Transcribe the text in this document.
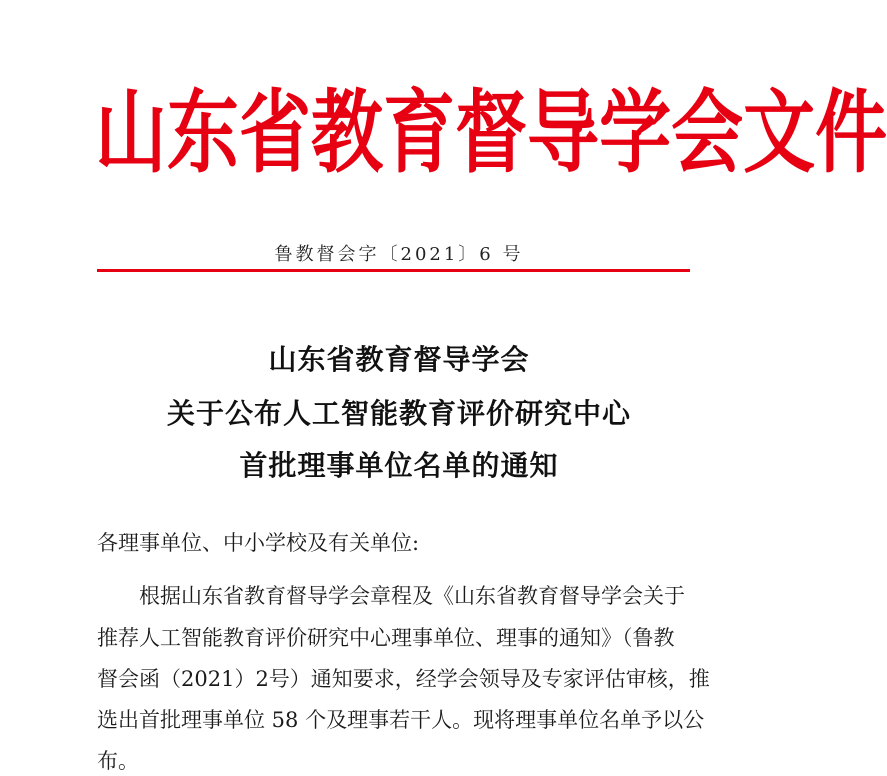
山 东 省 教 育 督 导 学 会 文 件
鲁教督会字〔2021〕6 号
山东省教育督导学会
关于公布人工智能教育评价研究中心
首批理事单位名单的通知

各理事单位、中小学校及有关单位:

根据山东省教育督导学会章程及《山东省教育督导学会关于

推荐人工智能教育评价研究中心理事单位、理事的通知》（鲁教

督会函（2021）2号）通知要求，经学会领导及专家评估审核，推

选出首批理事单位 58 个及理事若干人。现将理事单位名单予以公

布。
